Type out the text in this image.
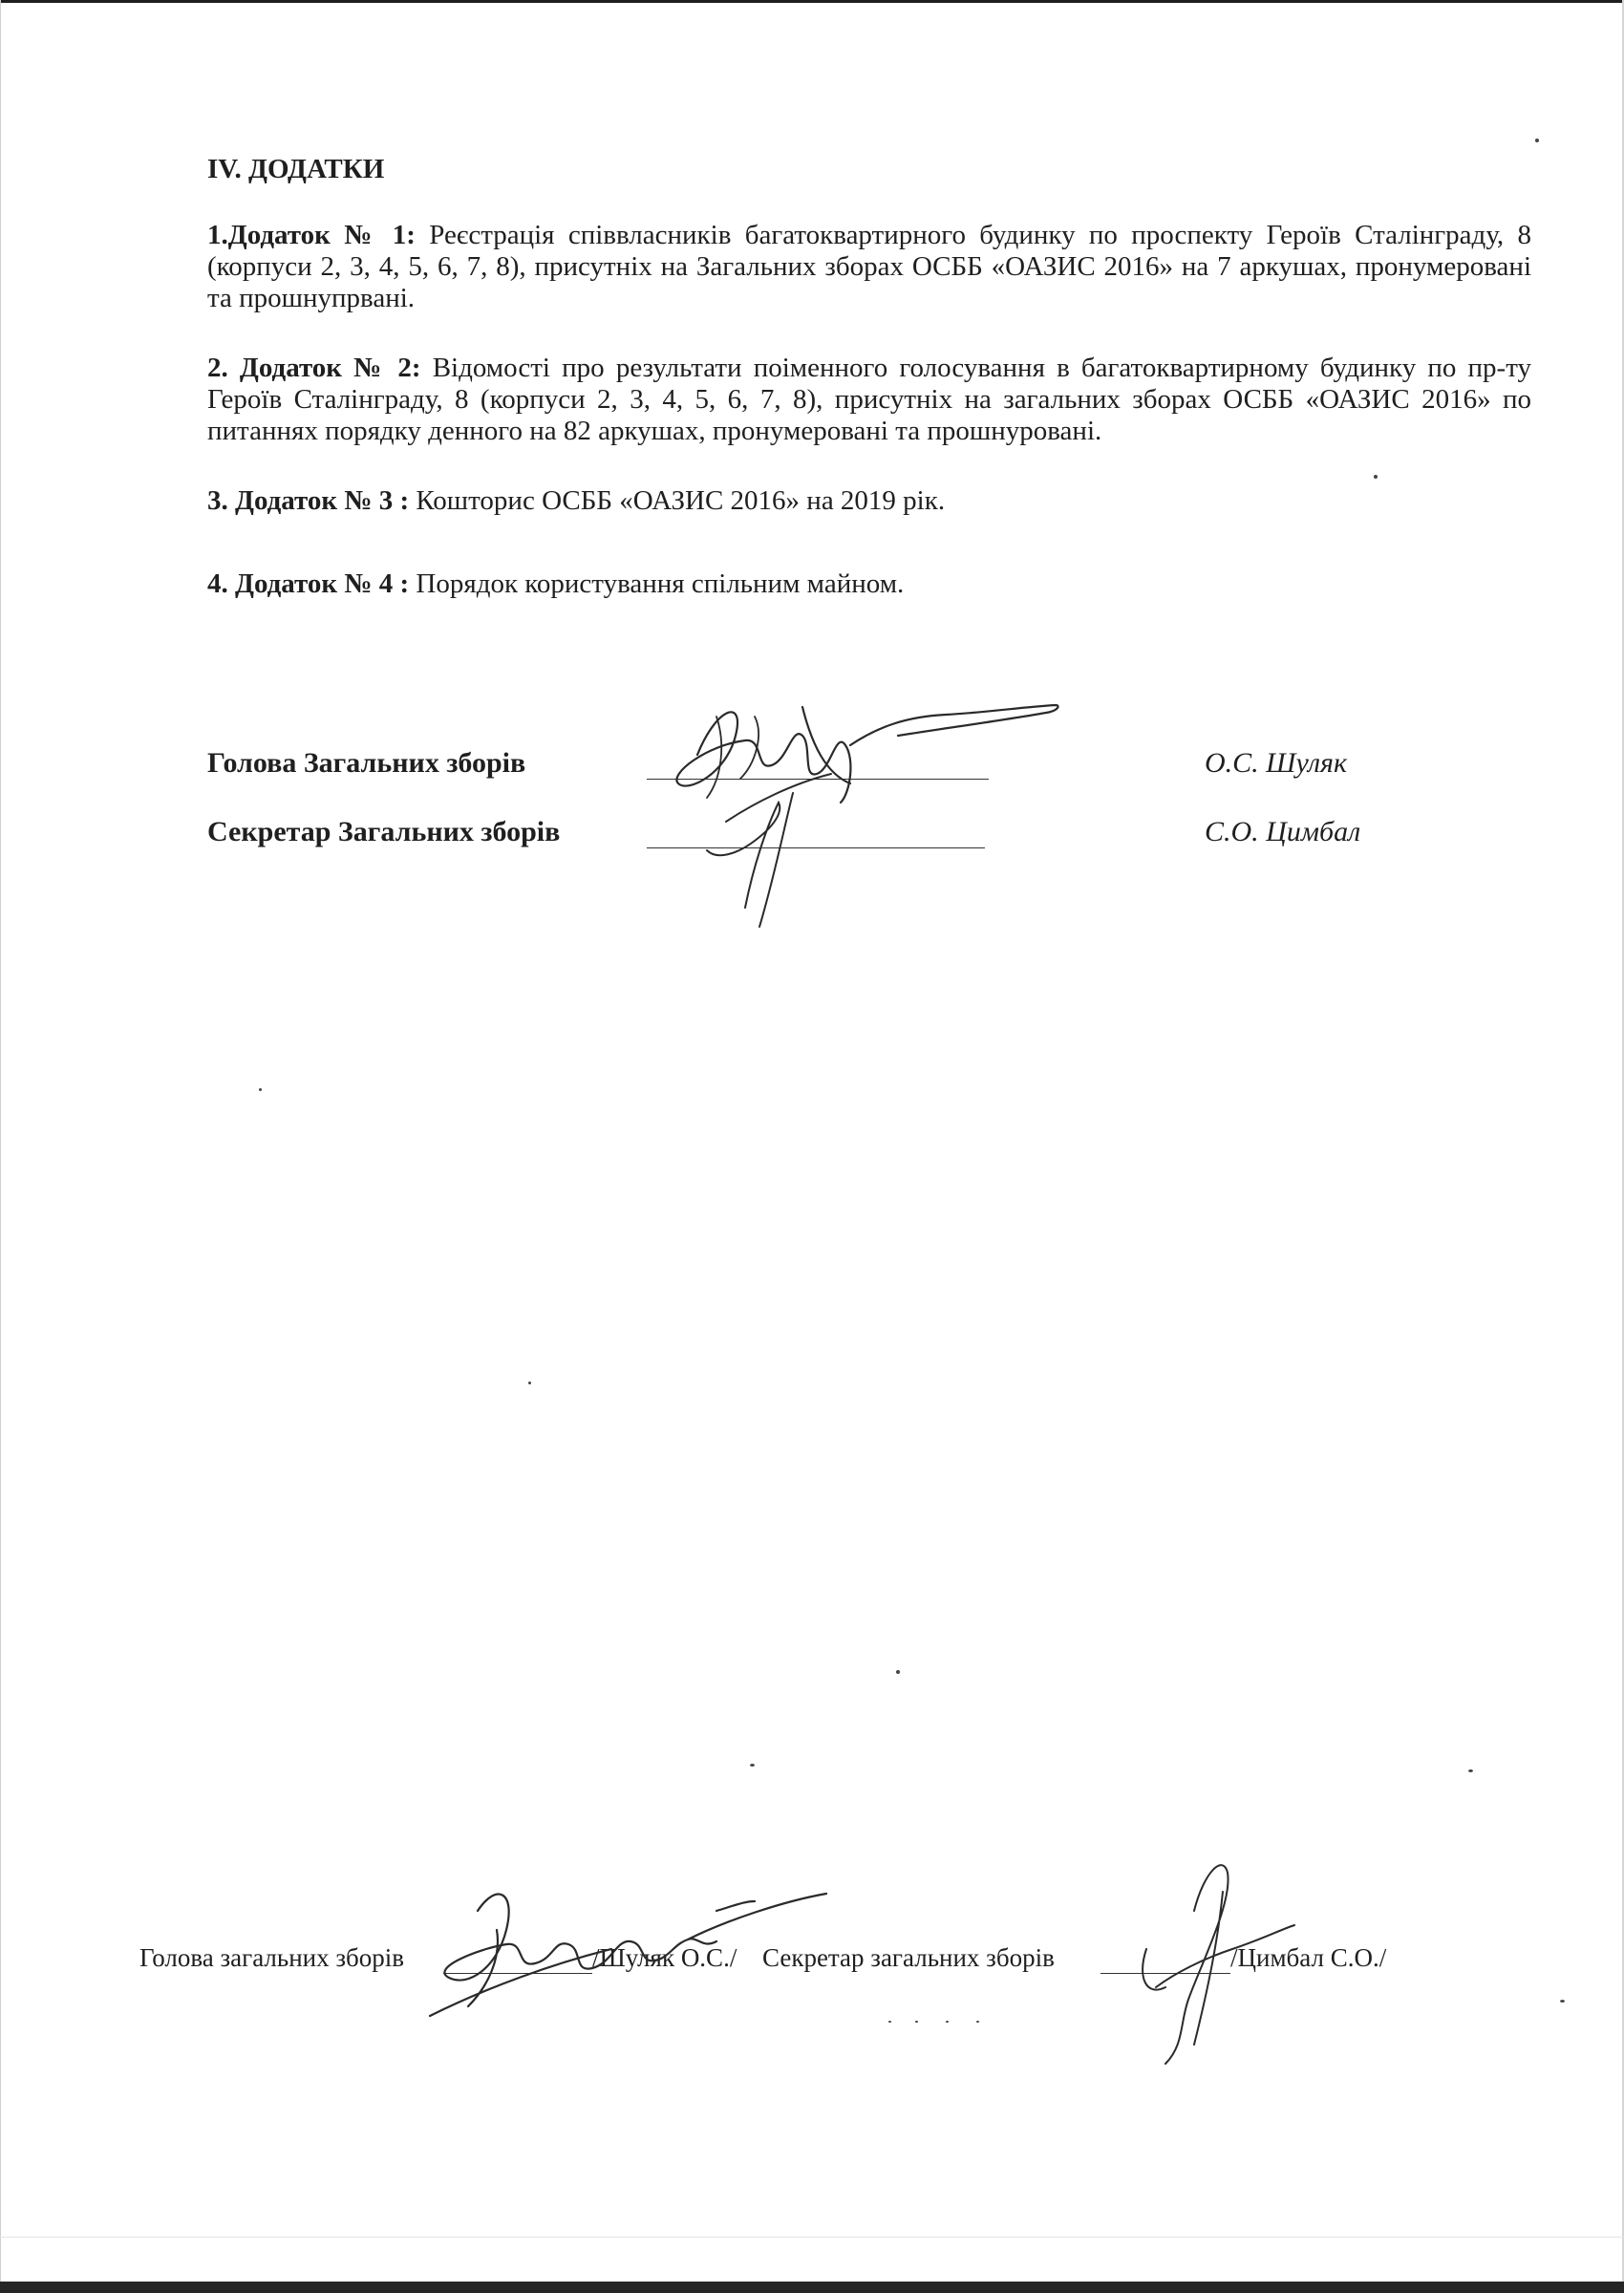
IV. ДОДАТКИ

1.Додаток № 1: Реєстрація співвласників багатоквартирного будинку по проспекту Героїв Сталінграду, 8 (корпуси 2, 3, 4, 5, 6, 7, 8), присутніх на Загальних зборах ОСББ «ОАЗИС 2016» на 7 аркушах, пронумеровані та прошнупрвані.

2. Додаток № 2: Відомості про результати поіменного голосування в багатоквартирному будинку по пр-ту Героїв Сталінграду, 8 (корпуси 2, 3, 4, 5, 6, 7, 8), присутніх на загальних зборах ОСББ «ОАЗИС 2016» по питаннях порядку денного на 82 аркушах, пронумеровані та прошнуровані.

3. Додаток № 3 : Кошторис ОСББ «ОАЗИС 2016» на 2019 рік.

4. Додаток № 4 : Порядок користування спільним майном.

Голова Загальних зборів	О.С. Шуляк
Секретар Загальних зборів	С.О. Цимбал
Голова загальних зборів	/Шуляк О.С./ Секретар загальних зборів	/Цимбал С.О./
